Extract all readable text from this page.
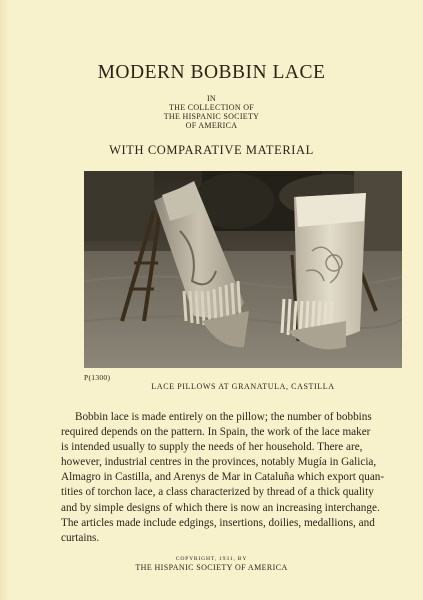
MODERN BOBBIN LACE
IN
THE COLLECTION OF
THE HISPANIC SOCIETY
OF AMERICA
WITH COMPARATIVE MATERIAL
P(1300)
LACE PILLOWS AT GRANATULA, CASTILLA
Bobbin lace is made entirely on the pillow; the number of bobbins
required depends on the pattern. In Spain, the work of the lace maker
is intended usually to supply the needs of her household. There are,
however, industrial centres in the provinces, notably Mugía in Galicia,
Almagro in Castilla, and Arenys de Mar in Cataluña which export quan-
tities of torchon lace, a class characterized by thread of a thick quality
and by simple designs of which there is now an increasing interchange.
The articles made include edgings, insertions, doilies, medallions, and
curtains.
COPYRIGHT, 1931, BY
THE HISPANIC SOCIETY OF AMERICA
